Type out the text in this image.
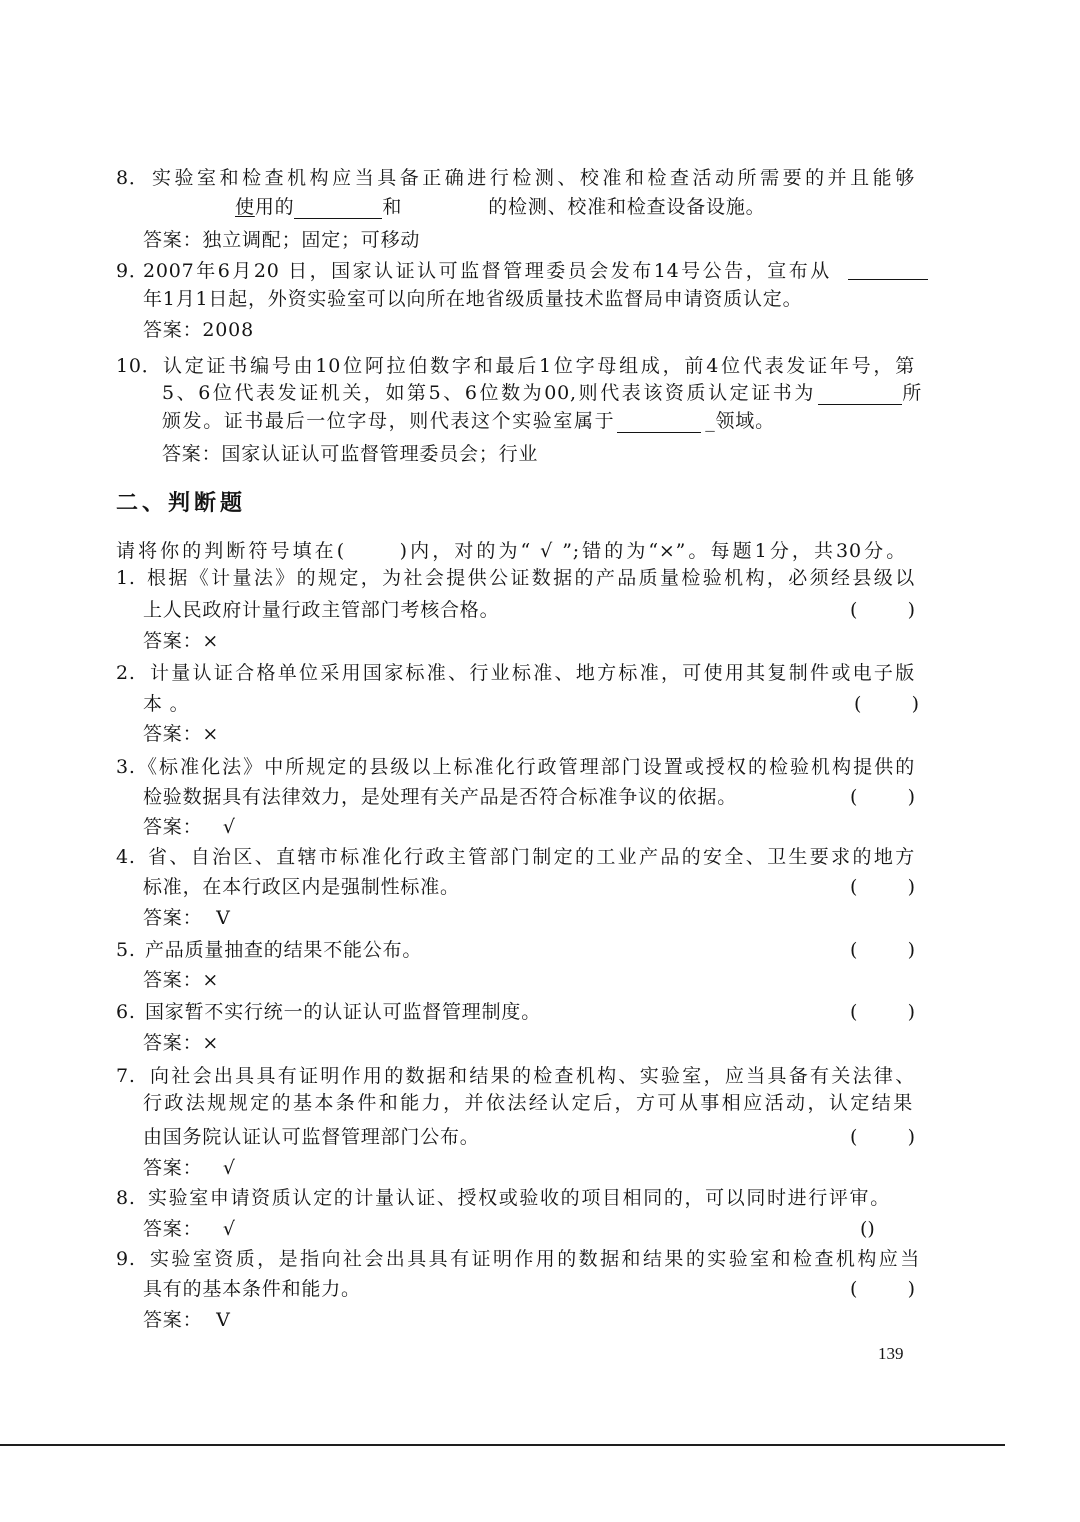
8． 实验室和检查机构应当具备正确进行检测、校准和检查活动所需要的并且能够
使 用的	和	的检测、校准和检查设备设施。
答案：独立调配；固定；可移动
9．
2007年6月20 日，国家认证认可监督管理委员会发布14号公告，宣布从
年1月1日起，外资实验室可以向所在地省级质量技术监督局申请资质认定。
答案：2008
10． 认定证书编号由10位阿拉伯数字和最后1位字母组成，前4位代表发证年号，第
5、6位代表发证机关，如第5、6位数为00,则代表该资质认定证书为	所
颁发。证书最后一位字母，则代表这个实验室属于	_领域。
答案：国家认证认可监督管理委员会；行业
二、判断题
请将你的判断符号填在(      )内，对的为“ √ ”;错的为“×”。每题1分，共30分。
1. 根据《计量法》的规定，为社会提供公证数据的产品质量检验机构，必须经县级以
上人民政府计量行政主管部门考核合格。	(      )
答案：×
2. 计量认证合格单位采用国家标准、行业标准、地方标准，可使用其复制件或电子版
本 。	(      )
答案：×
3. 《标准化法》中所规定的县级以上标准化行政管理部门设置或授权的检验机构提供的
检验数据具有法律效力，是处理有关产品是否符合标准争议的依据。	(      )
答案：   √
4. 省、自治区、直辖市标准化行政主管部门制定的工业产品的安全、卫生要求的地方
标准，在本行政区内是强制性标准。	(      )
答案：  V
5. 产品质量抽查的结果不能公布。	(      )
答案：×
6. 国家暂不实行统一的认证认可监督管理制度。	(      )
答案：×
7. 向社会出具具有证明作用的数据和结果的检查机构、实验室，应当具备有关法律、
行政法规规定的基本条件和能力，并依法经认定后，方可从事相应活动，认定结果
由国务院认证认可监督管理部门公布。	(      )
答案：   √
8. 实验室申请资质认定的计量认证、授权或验收的项目相同的，可以同时进行评审。
答案：   √	()
9. 实验室资质，是指向社会出具具有证明作用的数据和结果的实验室和检查机构应当
具有的基本条件和能力。	(      )
答案：  V
139
